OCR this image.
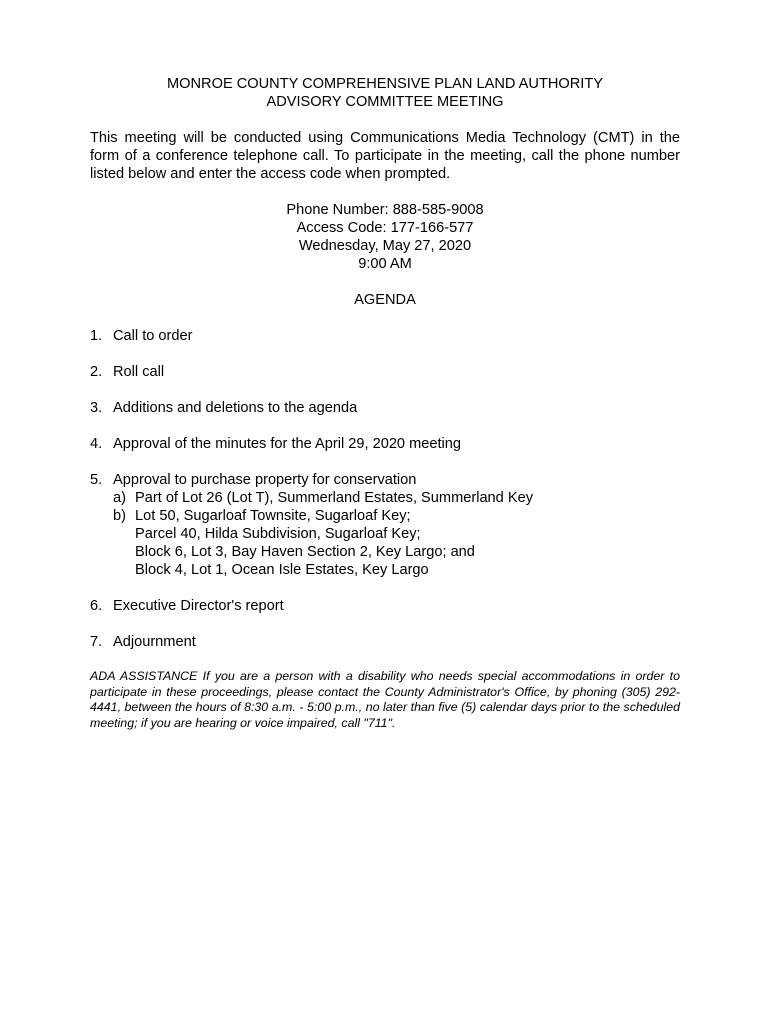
MONROE COUNTY COMPREHENSIVE PLAN LAND AUTHORITY
ADVISORY COMMITTEE MEETING
This meeting will be conducted using Communications Media Technology (CMT) in the form of a conference telephone call. To participate in the meeting, call the phone number listed below and enter the access code when prompted.
Phone Number: 888-585-9008
Access Code: 177-166-577
Wednesday, May 27, 2020
9:00 AM
AGENDA
1. Call to order
2. Roll call
3. Additions and deletions to the agenda
4. Approval of the minutes for the April 29, 2020 meeting
5. Approval to purchase property for conservation
a) Part of Lot 26 (Lot T), Summerland Estates, Summerland Key
b) Lot 50, Sugarloaf Townsite, Sugarloaf Key;
Parcel 40, Hilda Subdivision, Sugarloaf Key;
Block 6, Lot 3, Bay Haven Section 2, Key Largo; and
Block 4, Lot 1, Ocean Isle Estates, Key Largo
6. Executive Director's report
7. Adjournment
ADA ASSISTANCE If you are a person with a disability who needs special accommodations in order to participate in these proceedings, please contact the County Administrator's Office, by phoning (305) 292-4441, between the hours of 8:30 a.m. - 5:00 p.m., no later than five (5) calendar days prior to the scheduled meeting; if you are hearing or voice impaired, call "711".
